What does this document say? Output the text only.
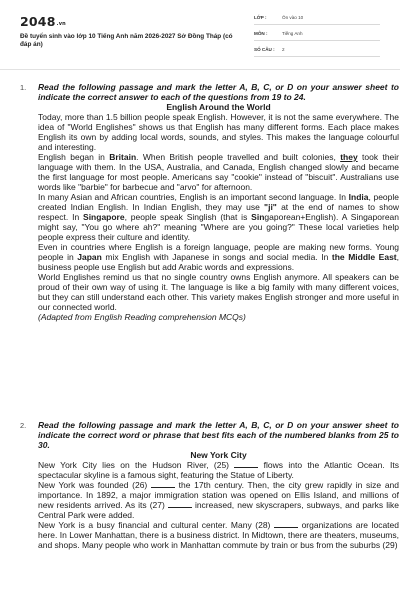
$2048^{.vn}$
Đề tuyển sinh vào lớp 10 Tiếng Anh năm 2026-2027 Sở Đồng Tháp (có đáp án)
LỚP :	Ôn vào 10
MÔN :	Tiếng Anh
SỐ CÂU : 2
1. Read the following passage and mark the letter A, B, C, or D on your answer sheet to indicate the correct answer to each of the questions from 19 to 24.
English Around the World
Today, more than 1.5 billion people speak English. However, it is not the same everywhere. The idea of "World Englishes" shows us that English has many different forms. Each place makes English its own by adding local words, sounds, and styles. This makes the language colourful and interesting.
English began in Britain. When British people travelled and built colonies, they took their language with them. In the USA, Australia, and Canada, English changed slowly and became the first language for most people. Americans say "cookie" instead of "biscuit". Australians use words like "barbie" for barbecue and "arvo" for afternoon.
In many Asian and African countries, English is an important second language. In India, people created Indian English. In Indian English, they may use "ji" at the end of names to show respect. In Singapore, people speak Singlish (that is Singaporean+English). A Singaporean might say, "You go where ah?" meaning "Where are you going?" These local varieties help people express their culture and identity.
Even in countries where English is a foreign language, people are making new forms. Young people in Japan mix English with Japanese in songs and social media. In the Middle East, business people use English but add Arabic words and expressions.
World Englishes remind us that no single country owns English anymore. All speakers can be proud of their own way of using it. The language is like a big family with many different voices, but they can still understand each other. This variety makes English stronger and more useful in our connected world.
(Adapted from English Reading comprehension MCQs)
2. Read the following passage and mark the letter A, B, C, or D on your answer sheet to indicate the correct word or phrase that best fits each of the numbered blanks from 25 to 30.
New York City
New York City lies on the Hudson River, (25)	flows into the Atlantic Ocean. Its spectacular skyline is a famous sight, featuring the Statue of Liberty.
New York was founded (26)	the 17th century. Then, the city grew rapidly in size and importance. In 1892, a major immigration station was opened on Ellis Island, and millions of new residents arrived. As its (27)	increased, new skyscrapers, subways, and parks like Central Park were added.
New York is a busy financial and cultural center. Many (28)	organizations are located here. In Lower Manhattan, there is a business district. In Midtown, there are theaters, museums, and shops. Many people who work in Manhattan commute by train or bus from the suburbs (29)
